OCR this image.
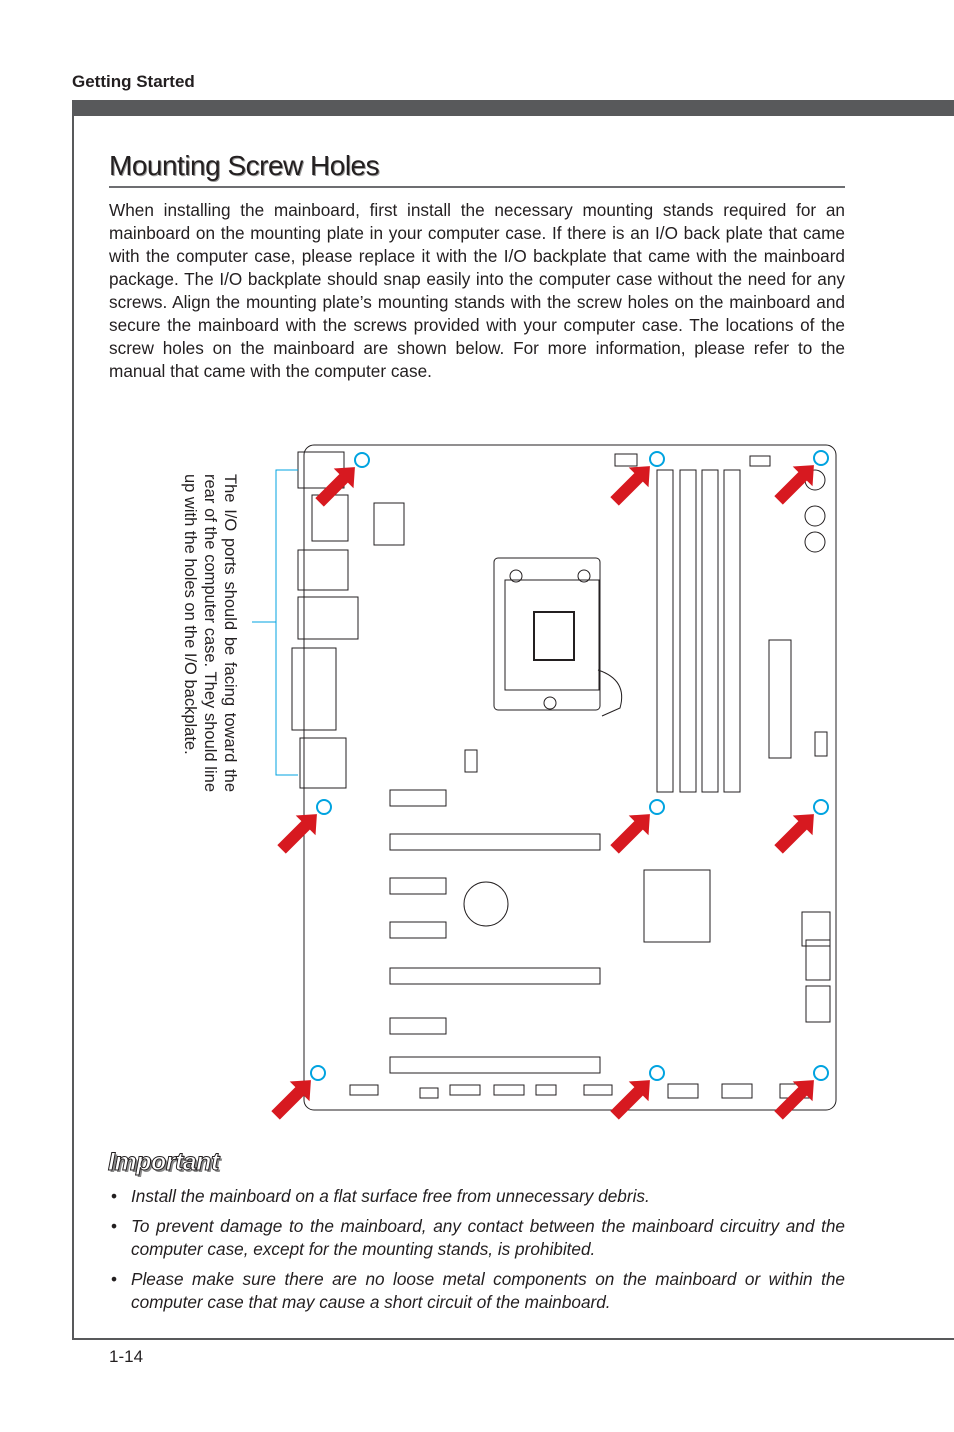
Getting Started
Mounting Screw Holes

When installing the mainboard, first install the necessary mounting stands required for an mainboard on the mounting plate in your computer case. If there is an I/O back plate that came with the computer case, please replace it with the I/O backplate that came with the mainboard package. The I/O backplate should snap easily into the computer case without the need for any screws. Align the mounting plate’s mounting stands with the screw holes on the mainboard and secure the mainboard with the screws provided with your computer case. The locations of the screw holes on the mainboard are shown below. For more information, please refer to the manual that came with the computer case.

The I/O ports should be facing toward the rear of the computer case. They should line up with the holes on the I/O backplate.

Important
• Install the mainboard on a flat surface free from unnecessary debris.
• To prevent damage to the mainboard, any contact between the mainboard circuitry and the computer case, except for the mounting stands, is prohibited.
• Please make sure there are no loose metal components on the mainboard or within the computer case that may cause a short circuit of the mainboard.
1-14
